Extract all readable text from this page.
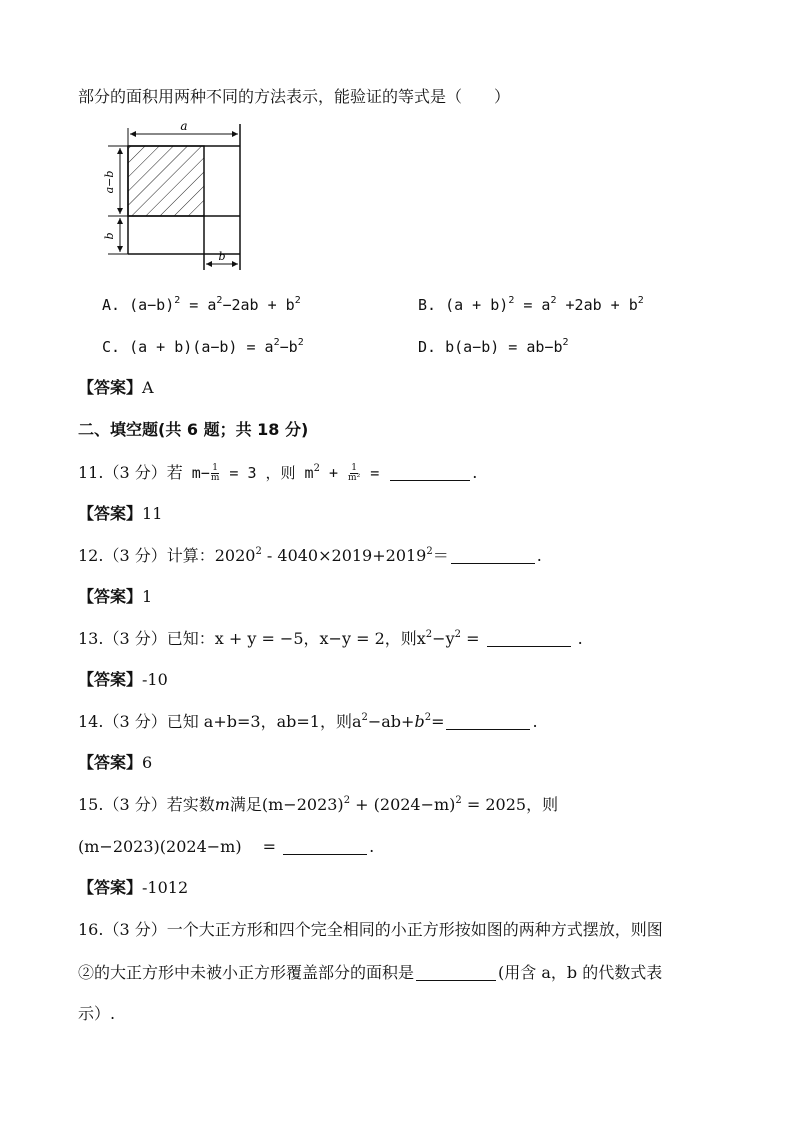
部分的面积用两种不同的方法表示，能验证的等式是（　　）
a
a−b
b
b
A. $(a-b)^2 = a^2-2ab + b^2$	B. $(a + b)^2 = a^2 +2ab + b^2$
C. $(a + b)(a-b) = a^2-b^2$	D. $b(a-b) = ab-b^2$
【答案】A
二、填空题(共 6 题；共 18 分)
11.（3 分）若 $m- \frac{1}{m} = 3$ ，则 $m^2 + \frac{1}{\text{m²}}$ =	.
【答案】11
12.（3 分）计算：$2020^2 - 4040\times 2019+2019^2=$	.
【答案】1
13.（3 分）已知：x + y = −5，x−y = 2，则$x^2-y^2$ =	.
【答案】-10
14.（3 分）已知 a+b=3，ab=1，则$a^2-ab+b^2=$	.
【答案】6
15.（3 分）若实数m满足$(m-2023)^2 + (2024-m)^2 = 2025$，则
(m−2023)(2024−m)　 =	.
【答案】-1012
16.（3 分）一个大正方形和四个完全相同的小正方形按如图的两种方式摆放，则图
②的大正方形中未被小正方形覆盖部分的面积是	(用含 a，b 的代数式表
示）.
